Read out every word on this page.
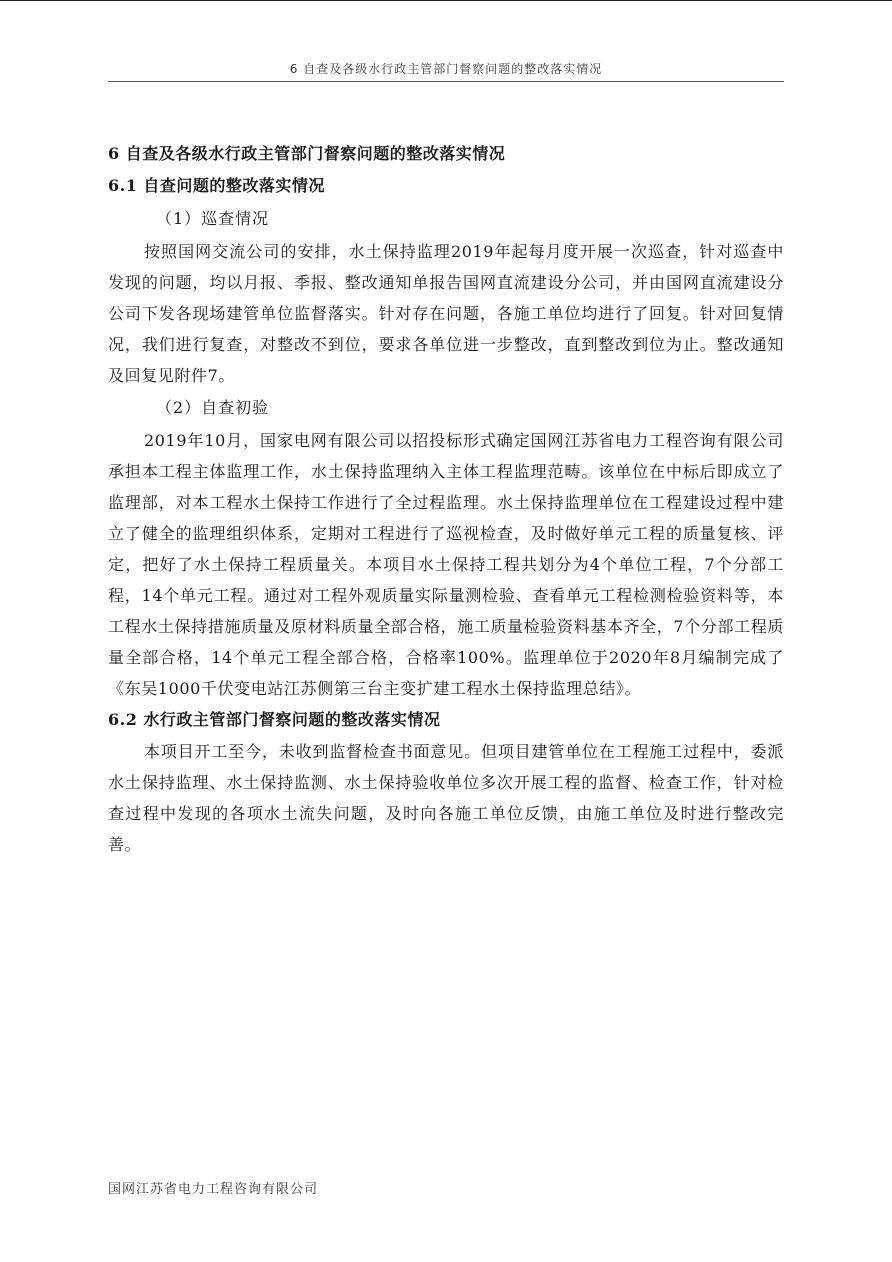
6 自查及各级水行政主管部门督察问题的整改落实情况
6 自查及各级水行政主管部门督察问题的整改落实情况
6.1 自查问题的整改落实情况
（1）巡查情况

按照国网交流公司的安排，水土保持监理2019年起每月度开展一次巡查，针对巡查中发现的问题，均以月报、季报、整改通知单报告国网直流建设分公司，并由国网直流建设分公司下发各现场建管单位监督落实。针对存在问题，各施工单位均进行了回复。针对回复情况，我们进行复查，对整改不到位，要求各单位进一步整改，直到整改到位为止。整改通知及回复见附件7。

（2）自查初验

2019年10月，国家电网有限公司以招投标形式确定国网江苏省电力工程咨询有限公司承担本工程主体监理工作，水土保持监理纳入主体工程监理范畴。该单位在中标后即成立了监理部，对本工程水土保持工作进行了全过程监理。水土保持监理单位在工程建设过程中建立了健全的监理组织体系，定期对工程进行了巡视检查，及时做好单元工程的质量复核、评定，把好了水土保持工程质量关。本项目水土保持工程共划分为4个单位工程，7个分部工程，14个单元工程。通过对工程外观质量实际量测检验、查看单元工程检测检验资料等，本工程水土保持措施质量及原材料质量全部合格，施工质量检验资料基本齐全，7个分部工程质量全部合格，14个单元工程全部合格，合格率100%。监理单位于2020年8月编制完成了《东吴1000千伏变电站江苏侧第三台主变扩建工程水土保持监理总结》。

6.2 水行政主管部门督察问题的整改落实情况

本项目开工至今，未收到监督检查书面意见。但项目建管单位在工程施工过程中，委派水土保持监理、水土保持监测、水土保持验收单位多次开展工程的监督、检查工作，针对检查过程中发现的各项水土流失问题，及时向各施工单位反馈，由施工单位及时进行整改完善。

国网江苏省电力工程咨询有限公司
